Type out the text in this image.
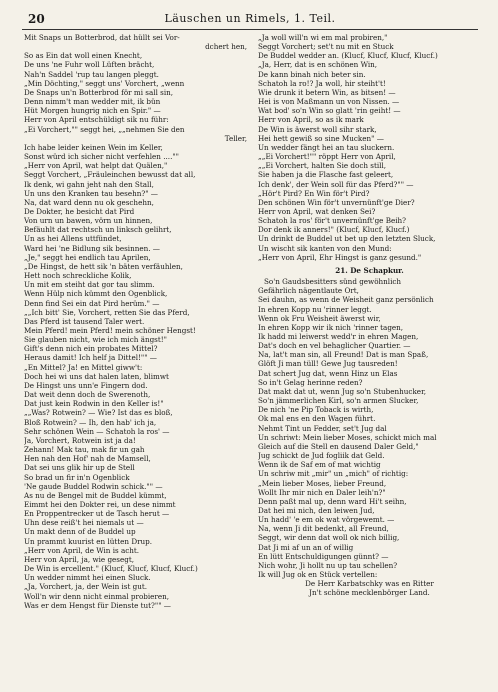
20	Läuschen un Rimels, 1. Teil.
Mit Snaps un Botterbrod, dat hüllt sei Vor-
dchert hen,
So as Ein dat woll einen Knecht,
De uns 'ne Fuhr woll Lüften brächt,
Nah'n Saddel 'rup tau langen pleggt.
„Min Döchting," seggt uns' Vorchert, „wenn
De Snaps un'n Botterbrod för mi sall sin,
Denn nimm't man wedder mit, ik bün
Hüt Morgen hungrig nich en Spir." —
Herr von April entschüldigt sik nu führ:
„Ei Vorchert,"" seggt hei, „„nehmen Sie den
Teller,
Ich habe leider keinen Wein im Keller,
Sonst würd ich sicher nicht verfehlen ....""
„Herr von April, wat helpt dat Quälen,"
Seggt Vorchert, „Fräuleinchen bewusst dat all,
Ik denk, wi gahn jeht nah den Stall,
Un uns den Kranken tau besehn?" —
Na, dat ward denn nu ok geschehn,
De Dokter, he besicht dat Pird
Von urn un bawen, vörn un hinnen,
Befäuhlt dat rechtsch un linksch gelihrt,
Un as hei Allens uttfündet,
Ward hei 'ne Bidlung sik besinnen. —
„Je," seggt hei endlich tau Aprilen,
„De Hingst, de hett sik 'n bäten verfäuhlen,
Hett noch schreckliche Kolik,
Un mit em steiht dat gor tau slimm.
Wenn Hülp nich kümmt den Ogenblick,
Denn find Sei ein dat Pird herüm." —
„„Ich bitt' Sie, Vorchert, retten Sie das Pferd,
Das Pferd ist tausend Taler wert.
Mein Pferd! mein Pferd! mein schöner Hengst!
Sie glauben nicht, wie ich mich ängst!"
Gift's denn nich ein probates Mittel?
Heraus damit! Ich helf ja Dittel!"" —
„En Mittel? Ja! en Mittel giww't:
Doch hei wi uns dat halen laten, blimwt
De Hingst uns unn'e Fingern dod.
Dat weit denn doch de Swerenoth,
Dat just kein Rodwin in den Keller is!"
„„Was? Rotwein? — Wie? Ist das es bloß,
Bloß Rotwein? — Ih, den hab' ich ja,
Sehr schönen Wein — Schatoh la ros' —
Ja, Vorchert, Rotwein ist ja da!
Zehann! Mak tau, mak fir un gah
Hen nah den Hof' nah de Mamsell,
Dat sei uns glik hir up de Stell
So brad un fir in'n Ogenblick
'Ne gaude Buddel Rodwin schick."" —
As nu de Bengel mit de Buddel kümmt,
Eimmt hei den Dokter rei, un dese nimmt
En Proppentrecker ut de Tasch herut —
Uhn dese reiß't hei niemals ut —
Un makt denn of de Buddel up
Un prammt kuurist en lütten Drup.
„Herr von April, de Win is acht.
Herr von April, ja, wie gesegt,
De Win is ercellent." (Klucf, Klucf, Klucf, Klucf.)
Un wedder nimmt hei einen Sluck.
„Ja, Vorchert, ja, der Wein ist gut.
Woll'n wir denn nicht einmal probieren,
Was er dem Hengst für Dienste tut?"" —
„Ja woll will'n wi em mal probiren,"
Seggt Vorchert; set't nu mit en Stuck
De Buddel wedder an. (Klucf, Klucf, Klucf, Klucf.)
„Ja, Herr, dat is en schönen Win,
De kann binah nich beter sin.
Schatoh la ro!? Ja woll, hir steiht't!
Wie drunk it betern Win, as bitsen! —
Hei is von Maßmann un von Nissen. —
Wat bod' so'n Win so glatt 'rin geiht! —
Herr von April, so as ik mark
De Win is äwerst woll sihr stark,
Hei hett gewiß so sine Mucken" —
Un wedder fängt hei an tau sluckern.
„„Ei Vorchert!"" röppt Herr von April,
„„Ei Vorchert, halten Sie doch still,
Sie haben ja die Flasche fast geleert,
Ich denk', der Wein soll für das Pferd?"" —
„Hör't Pird? En Win för't Pird?
Den schönen Win för't unvernünft'ge Dier?
Herr von April, wat denken Sei?
Schatoh la ros' för't unvernünft'ge Beih?
Dor denk ik anners!" (Klucf, Klucf, Klucf.)
Un drinkt de Buddel ut bet up den letzten Sluck,
Un wischt sik kanten von den Mund:
„Herr von April, Ehr Hingst is ganz gesund."
21. De Schapkur.
So'n Gaudsbesitters sünd gewöhnlich
Gefährlich nägentlaute Ort,
Sei dauhn, as wenn de Weisheit ganz persönlich
In ehren Kopp nu 'rinner leggt.
Wenn ok Fru Weisheit äwerst wir,
In ehren Kopp wir ik nich 'rinner tagen,
Ik hadd mi leiwerst wedd'r in ehren Magen,
Dat's doch en vel behaglicher Quartier. —
Na, lat't man sin, all Freund! Dat is man Spaß,
Glöft Ji man tüll! Gewe Jug tausreden!
Dat schert Jug dat, wenn Hinz un Elas
So in't Gelag herinne reden?
Dat makt dat ut, wenn Jug so'n Stubenhucker,
So'n jämmerlichen Kirl, so'n armen Slucker,
De nich 'ne Pip Toback is wirth,
Ok mal ens en den Wagen führt.
Nehmt Tint un Fedder, set't Jug dal
Un schriwt: Mein lieber Moses, schickt mich mal
Gleich auf die Stell en dausend Daler Geld,"
Jug schickt de Jud fogliik dat Geld.
Wenn ik de Saf em of mat wichtig
Un schriw mit „mir" un „mich" of richtig:
„Mein lieber Moses, lieber Freund,
Wollt Ihr mir nich en Daler leih'n?"
Denn paßt mal up, denn ward Hi't seihn,
Dat hei mi nich, den leiwen Jud,
Un hadd' 'e em ok wat vörgewemt. —
Na, wenn Ji dit bedenkt, all Freund,
Seggt, wir denn dat woll ok nich billig,
Dat Ji mi af un an of willig
En lütt Entschuldigungen günnt? —
Nich wohr, Ji hollt nu up tau schellen?
Ik will Jug ok en Stück vertellen:
De Herr Karbatschky was en Ritter
Jn't schöne mecklenbörger Land.
